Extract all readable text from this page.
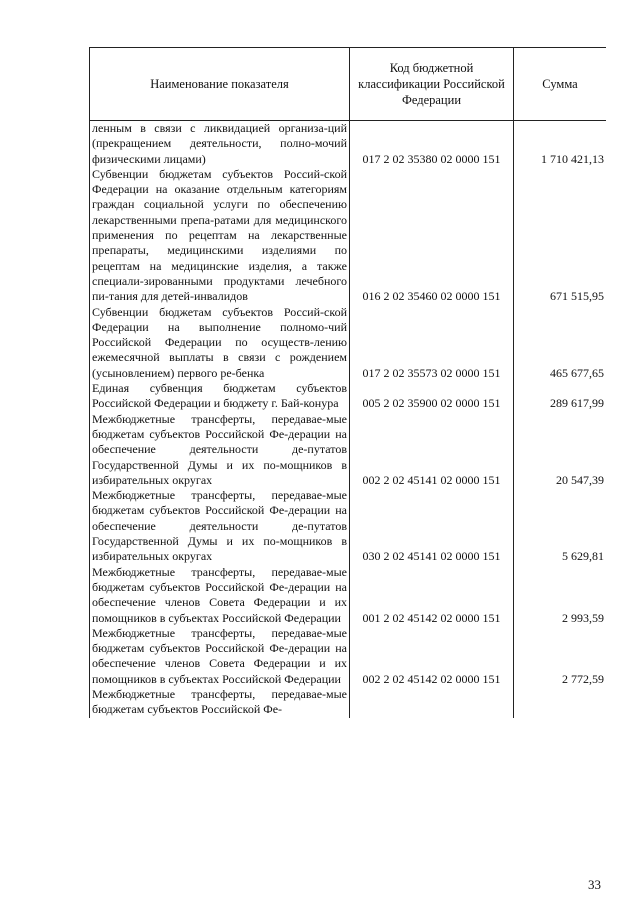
Наименование показателя	Код бюджетной классификации Российской Федерации	Сумма
ленным в связи с ликвидацией организа-ций (прекращением деятельности, полно-мочий физическими лицами)	017 2 02 35380 02 0000 151	1 710 421,13
Субвенции бюджетам субъектов Россий-ской Федерации на оказание отдельным категориям граждан социальной услуги по обеспечению лекарственными препа-ратами для медицинского применения по рецептам на лекарственные препараты, медицинскими изделиями по рецептам на медицинские изделия, а также специали-зированными продуктами лечебного пи-тания для детей-инвалидов	016 2 02 35460 02 0000 151	671 515,95
Субвенции бюджетам субъектов Россий-ской Федерации на выполнение полномо-чий Российской Федерации по осуществ-лению ежемесячной выплаты в связи с рождением (усыновлением) первого ре-бенка	017 2 02 35573 02 0000 151	465 677,65
Единая субвенция бюджетам субъектов Российской Федерации и бюджету г. Бай-конура	005 2 02 35900 02 0000 151	289 617,99
Межбюджетные трансферты, передавае-мые бюджетам субъектов Российской Фе-дерации на обеспечение деятельности де-путатов Государственной Думы и их по-мощников в избирательных округах	002 2 02 45141 02 0000 151	20 547,39
Межбюджетные трансферты, передавае-мые бюджетам субъектов Российской Фе-дерации на обеспечение деятельности де-путатов Государственной Думы и их по-мощников в избирательных округах	030 2 02 45141 02 0000 151	5 629,81
Межбюджетные трансферты, передавае-мые бюджетам субъектов Российской Фе-дерации на обеспечение членов Совета Федерации и их помощников в субъектах Российской Федерации	001 2 02 45142 02 0000 151	2 993,59
Межбюджетные трансферты, передавае-мые бюджетам субъектов Российской Фе-дерации на обеспечение членов Совета Федерации и их помощников в субъектах Российской Федерации	002 2 02 45142 02 0000 151	2 772,59
Межбюджетные трансферты, передавае-мые бюджетам субъектов Российской Фе-		
33
